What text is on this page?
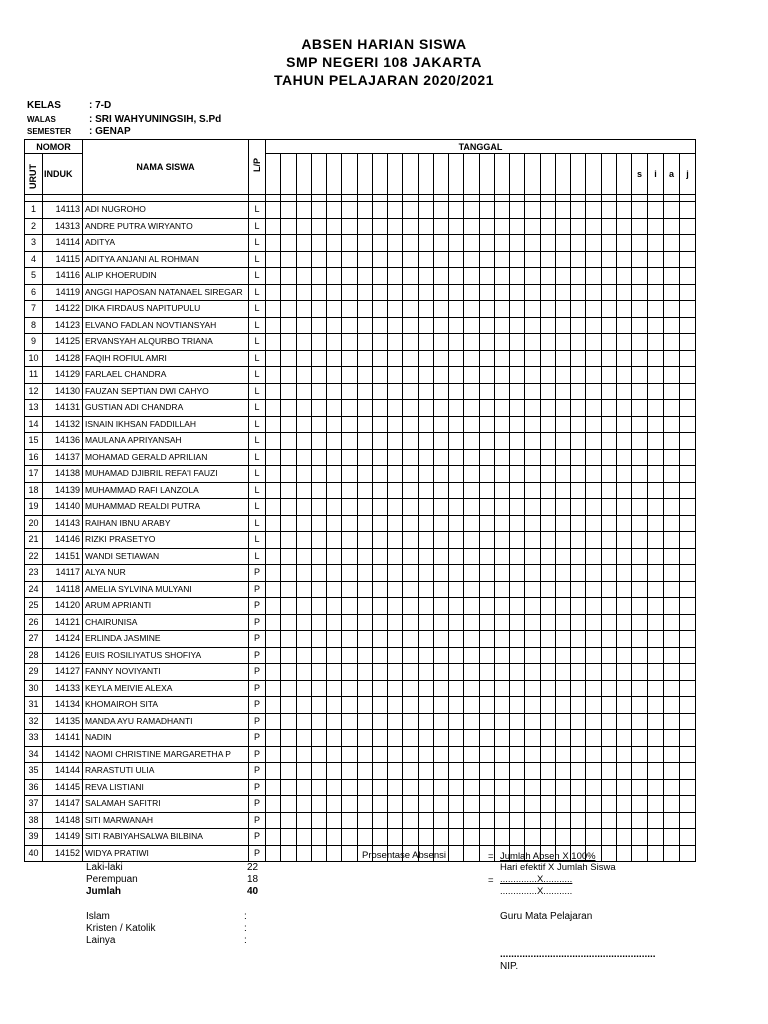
ABSEN HARIAN SISWA
SMP NEGERI 108 JAKARTA
TAHUN PELAJARAN 2020/2021
KELAS	: 7-D
WALAS	: SRI WAHYUNINGSIH, S.Pd
SEMESTER : GENAP
NOMOR		NAMA SISWA	L/P	TANGGAL																											
URUT	INDUK																											s	i	a	j

1	14113	ADI NUGROHO	L																												
2	14313	ANDRE PUTRA WIRYANTO	L																												
3	14114	ADITYA	L																												
4	14115	ADITYA ANJANI AL ROHMAN	L																												
5	14116	ALIP KHOERUDIN	L																												
6	14119	ANGGI HAPOSAN NATANAEL SIREGAR	L																												
7	14122	DIKA FIRDAUS NAPITUPULU	L																												
8	14123	ELVANO FADLAN NOVTIANSYAH	L																												
9	14125	ERVANSYAH ALQURBO TRIANA	L																												
10	14128	FAQIH ROFIUL AMRI	L																												
11	14129	FARLAEL CHANDRA	L																												
12	14130	FAUZAN SEPTIAN DWI CAHYO	L																												
13	14131	GUSTIAN ADI CHANDRA	L																												
14	14132	ISNAIN IKHSAN FADDILLAH	L																												
15	14136	MAULANA APRIYANSAH	L																												
16	14137	MOHAMAD GERALD APRILIAN	L																												
17	14138	MUHAMAD DJIBRIL REFA'I FAUZI	L																												
18	14139	MUHAMMAD RAFI LANZOLA	L																												
19	14140	MUHAMMAD REALDI PUTRA	L																												
20	14143	RAIHAN IBNU ARABY	L																												
21	14146	RIZKI PRASETYO	L																												
22	14151	WANDI SETIAWAN	L																												
23	14117	ALYA NUR	P																												
24	14118	AMELIA SYLVINA MULYANI	P																												
25	14120	ARUM APRIANTI	P																												
26	14121	CHAIRUNISA	P																												
27	14124	ERLINDA JASMINE	P																												
28	14126	EUIS ROSILIYATUS SHOFIYA	P																												
29	14127	FANNY NOVIYANTI	P																												
30	14133	KEYLA MEIVIE ALEXA	P																												
31	14134	KHOMAIROH SITA	P																												
32	14135	MANDA AYU RAMADHANTI	P																												
33	14141	NADIN	P																												
34	14142	NAOMI CHRISTINE MARGARETHA P	P																												
35	14144	RARASTUTI ULIA	P																												
36	14145	REVA LISTIANI	P																												
37	14147	SALAMAH SAFITRI	P																												
38	14148	SITI MARWANAH	P																												
39	14149	SITI RABIYAHSALWA BILBINA	P																												
40	14152	WIDYA PRATIWI	P																													Prosentase Absensi	= Jumlah Absen X 100%
Hari efektif X Jumlah Siswa
= ..............X...........
..............X...........
Laki-laki	22
Perempuan	18
Jumlah	40
Islam	:
Kristen / Katolik	:
Lainya	:
Guru Mata Pelajaran
........................................................
NIP.
